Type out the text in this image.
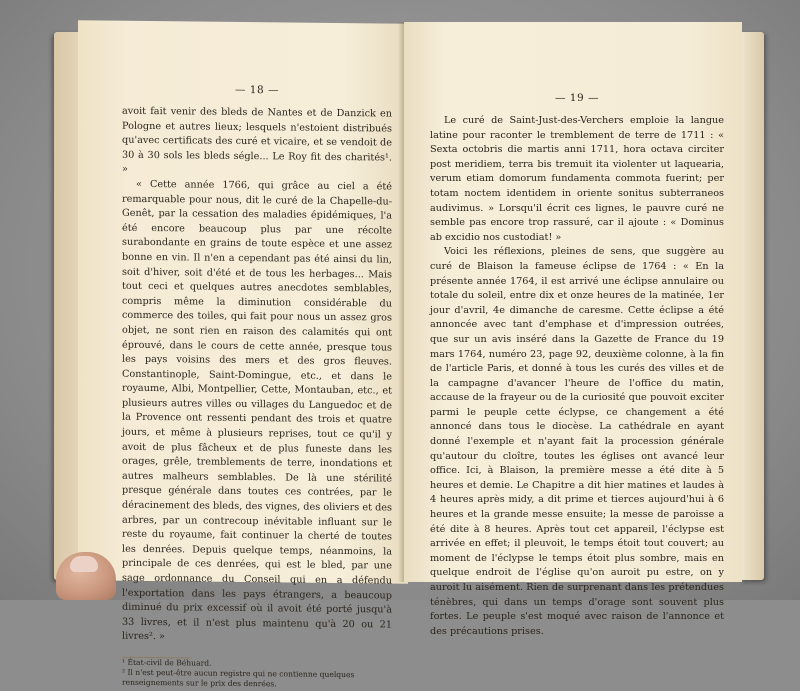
— 18 —

avoit fait venir des bleds de Nantes et de Danzick en Pologne et autres lieux; lesquels n'estoient distribués qu'avec certificats des curé et vicaire, et se vendoit de 30 à 30 sols les bleds ségle... Le Roy fit des charités¹. »

« Cette année 1766, qui grâce au ciel a été remarquable pour nous, dit le curé de la Chapelle-du-Genêt, par la cessation des maladies épidémiques, l'a été encore beaucoup plus par une récolte surabondante en grains de toute espèce et une assez bonne en vin. Il n'en a cependant pas été ainsi du lin, soit d'hiver, soit d'été et de tous les herbages... Mais tout ceci et quelques autres anecdotes semblables, compris même la diminution considérable du commerce des toiles, qui fait pour nous un assez gros objet, ne sont rien en raison des calamités qui ont éprouvé, dans le cours de cette année, presque tous les pays voisins des mers et des gros fleuves. Constantinople, Saint-Domingue, etc., et dans le royaume, Albi, Montpellier, Cette, Montauban, etc., et plusieurs autres villes ou villages du Languedoc et de la Provence ont ressenti pendant des trois et quatre jours, et même à plusieurs reprises, tout ce qu'il y avoit de plus fâcheux et de plus funeste dans les orages, grêle, tremblements de terre, inondations et autres malheurs semblables. De là une stérilité presque générale dans toutes ces contrées, par le déracinement des bleds, des vignes, des oliviers et des arbres, par un contrecoup inévitable influant sur le reste du royaume, fait continuer la cherté de toutes les denrées. Depuis quelque temps, néanmoins, la principale de ces denrées, qui est le bled, par une sage ordonnance du Conseil qui en a défendu l'exportation dans les pays étrangers, a beaucoup diminué du prix excessif où il avoit été porté jusqu'à 33 livres, et il n'est plus maintenu qu'à 20 ou 21 livres². »

¹ État-civil de Béhuard.

² Il n'est peut-être aucun registre qui ne contienne quelques renseignements sur le prix des denrées.

— 19 —

Le curé de Saint-Just-des-Verchers emploie la langue latine pour raconter le tremblement de terre de 1711 : « Sexta octobris die martis anni 1711, hora octava circiter post meridiem, terra bis tremuit ita violenter ut laquearia, verum etiam domorum fundamenta commota fuerint; per totam noctem identidem in oriente sonitus subterraneos audivimus. » Lorsqu'il écrit ces lignes, le pauvre curé ne semble pas encore trop rassuré, car il ajoute : « Dominus ab excidio nos custodiat! »

Voici les réflexions, pleines de sens, que suggère au curé de Blaison la fameuse éclipse de 1764 : « En la présente année 1764, il est arrivé une éclipse annulaire ou totale du soleil, entre dix et onze heures de la matinée, 1er jour d'avril, 4e dimanche de caresme. Cette éclipse a été annoncée avec tant d'emphase et d'impression outrées, que sur un avis inséré dans la Gazette de France du 19 mars 1764, numéro 23, page 92, deuxième colonne, à la fin de l'article Paris, et donné à tous les curés des villes et de la campagne d'avancer l'heure de l'office du matin, accause de la frayeur ou de la curiosité que pouvoit exciter parmi le peuple cette éclypse, ce changement a été annoncé dans tous le diocèse. La cathédrale en ayant donné l'exemple et n'ayant fait la procession générale qu'autour du cloître, toutes les églises ont avancé leur office. Ici, à Blaison, la première messe a été dite à 5 heures et demie. Le Chapitre a dit hier matines et laudes à 4 heures après midy, a dit prime et tierces aujourd'hui à 6 heures et la grande messe ensuite; la messe de paroisse a été dite à 8 heures. Après tout cet appareil, l'éclypse est arrivée en effet; il pleuvoit, le temps étoit tout couvert; au moment de l'éclypse le temps étoit plus sombre, mais en quelque endroit de l'église qu'on auroit pu estre, on y auroit lu aisément. Rien de surprenant dans les prétendues ténèbres, qui dans un temps d'orage sont souvent plus fortes. Le peuple s'est moqué avec raison de l'annonce et des précautions prises.
